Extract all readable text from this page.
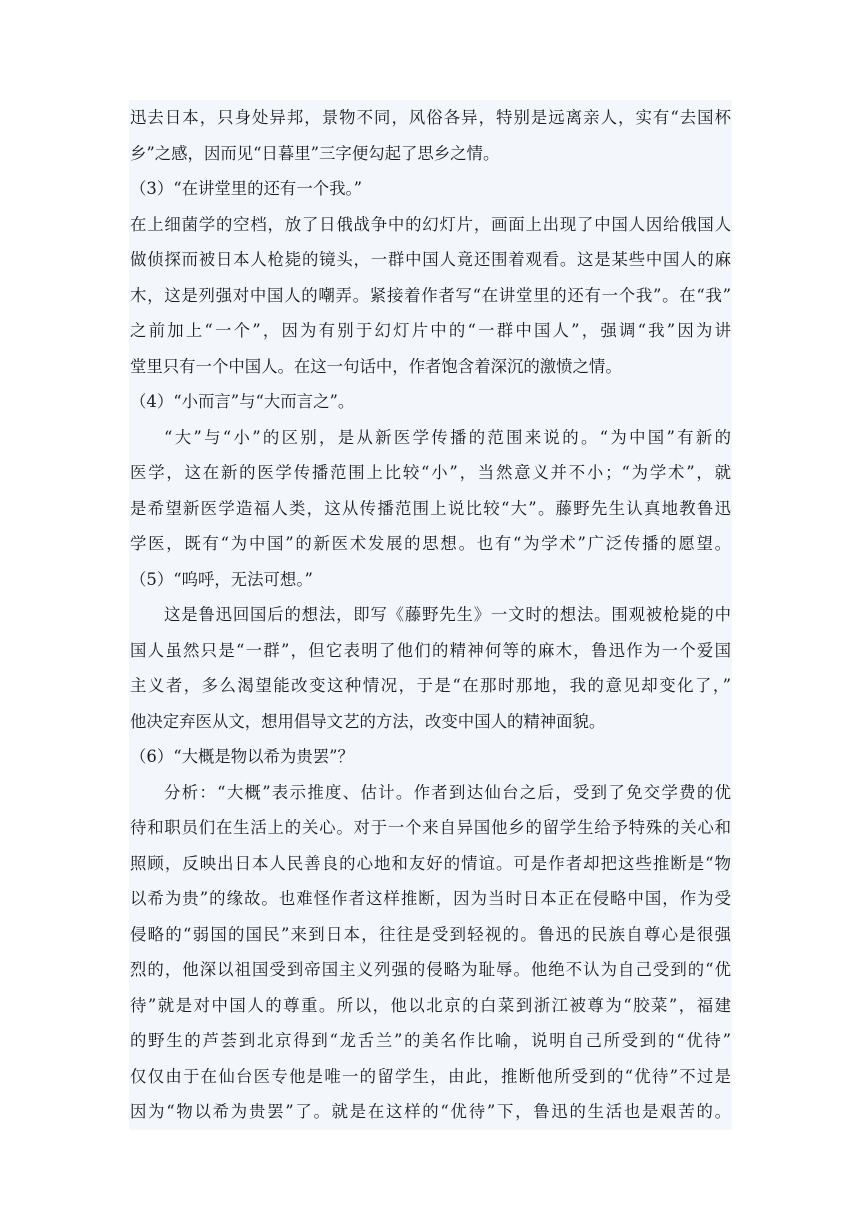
迅去日本，只身处异邦，景物不同，风俗各异，特别是远离亲人，实有“去国杯
乡”之感，因而见“日暮里”三字便勾起了思乡之情。
（3）“在讲堂里的还有一个我。”
在上细菌学的空档，放了日俄战争中的幻灯片，画面上出现了中国人因给俄国人
做侦探而被日本人枪毙的镜头，一群中国人竟还围着观看。这是某些中国人的麻
木，这是列强对中国人的嘲弄。紧接着作者写“在讲堂里的还有一个我”。在“我”
之前加上“一个”，因为有别于幻灯片中的“一群中国人”，强调“我”因为讲
堂里只有一个中国人。在这一句话中，作者饱含着深沉的激愤之情。
（4）“小而言”与“大而言之”。
“大”与“小”的区别，是从新医学传播的范围来说的。“为中国”有新的
医学，这在新的医学传播范围上比较“小”，当然意义并不小；“为学术”，就
是希望新医学造福人类，这从传播范围上说比较“大”。藤野先生认真地教鲁迅
学医，既有“为中国”的新医术发展的思想。也有“为学术”广泛传播的愿望。
（5）“呜呼，无法可想。”
这是鲁迅回国后的想法，即写《藤野先生》一文时的想法。围观被枪毙的中
国人虽然只是“一群”，但它表明了他们的精神何等的麻木，鲁迅作为一个爱国
主义者，多么渴望能改变这种情况，于是“在那时那地，我的意见却变化了，”
他决定弃医从文，想用倡导文艺的方法，改变中国人的精神面貌。
（6）“大概是物以希为贵罢”？
分析：“大概”表示推度、估计。作者到达仙台之后，受到了免交学费的优
待和职员们在生活上的关心。对于一个来自异国他乡的留学生给予特殊的关心和
照顾，反映出日本人民善良的心地和友好的情谊。可是作者却把这些推断是“物
以希为贵”的缘故。也难怪作者这样推断，因为当时日本正在侵略中国，作为受
侵略的“弱国的国民”来到日本，往往是受到轻视的。鲁迅的民族自尊心是很强
烈的，他深以祖国受到帝国主义列强的侵略为耻辱。他绝不认为自己受到的“优
待”就是对中国人的尊重。所以，他以北京的白菜到浙江被尊为“胶菜”，福建
的野生的芦荟到北京得到“龙舌兰”的美名作比喻，说明自己所受到的“优待”
仅仅由于在仙台医专他是唯一的留学生，由此，推断他所受到的“优待”不过是
因为“物以希为贵罢”了。就是在这样的“优待”下，鲁迅的生活也是艰苦的。
